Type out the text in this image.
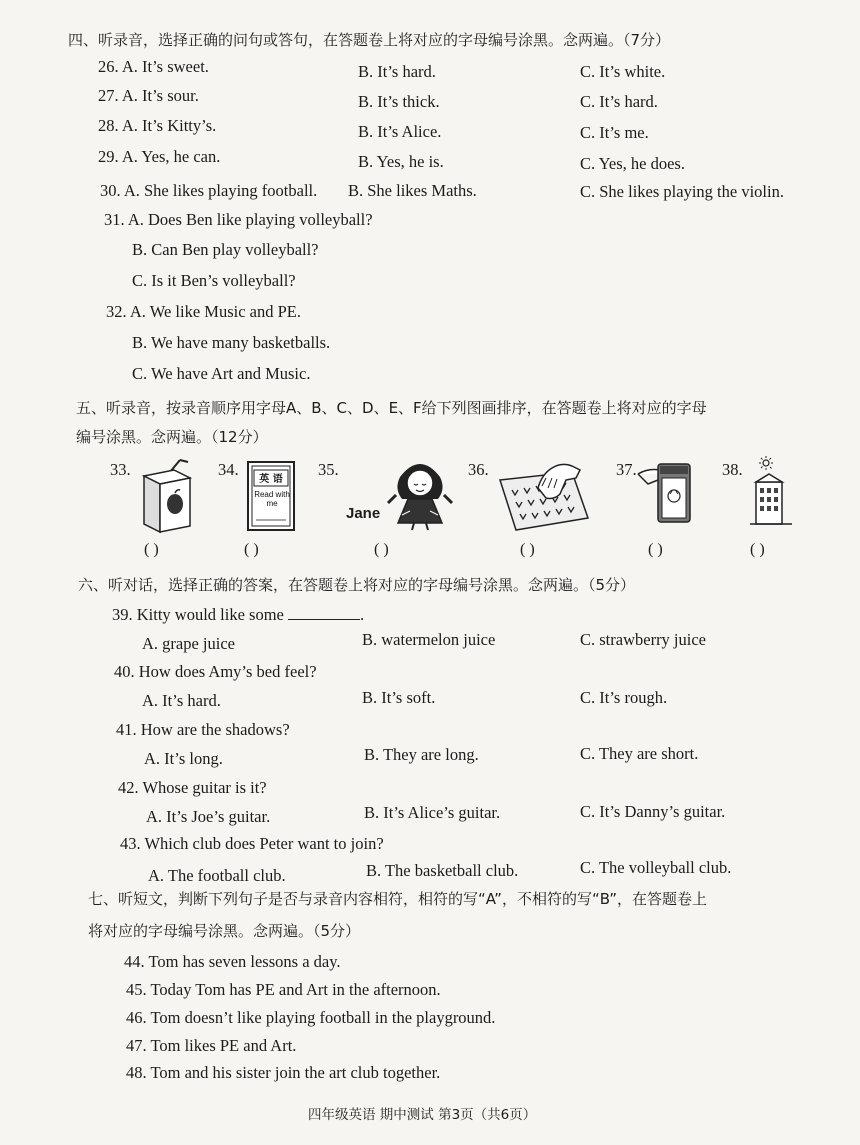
四、听录音，选择正确的问句或答句，在答题卷上将对应的字母编号涂黑。念两遍。（7分）
26. A. It’s sweet.	B. It’s hard.	C. It’s white.
27. A. It’s sour.	B. It’s thick.	C. It’s hard.
28. A. It’s Kitty’s.	B. It’s Alice.	C. It’s me.
29. A. Yes, he can.	B. Yes, he is.	C. Yes, he does.
30. A. She likes playing football. B. She likes Maths.	C. She likes playing the violin.
31. A. Does Ben like playing volleyball?
B. Can Ben play volleyball?
C. Is it Ben’s volleyball?
32. A. We like Music and PE.
B. We have many basketballs.
C. We have Art and Music.
五、听录音，按录音顺序用字母A、B、C、D、E、F给下列图画排序，在答题卷上将对应的字母
编号涂黑。念两遍。（12分）
33.	34.	35.	36.	37.	38.
英 语
Read with me
Jane
( )	( )	( )	( )	( )	( )
六、听对话，选择正确的答案，在答题卷上将对应的字母编号涂黑。念两遍。（5分）
39. Kitty would like some	.
A. grape juice	B. watermelon juice	C. strawberry juice
40. How does Amy’s bed feel?
A. It’s hard.	B. It’s soft.	C. It’s rough.
41. How are the shadows?
A. It’s long.	B. They are long.	C. They are short.
42. Whose guitar is it?
A. It’s Joe’s guitar.	B. It’s Alice’s guitar.	C. It’s Danny’s guitar.
43. Which club does Peter want to join?
A. The football club.	B. The basketball club.	C. The volleyball club.
七、听短文，判断下列句子是否与录音内容相符，相符的写“A”，不相符的写“B”，在答题卷上
将对应的字母编号涂黑。念两遍。（5分）
44. Tom has seven lessons a day.
45. Today Tom has PE and Art in the afternoon.
46. Tom doesn’t like playing football in the playground.
47. Tom likes PE and Art.
48. Tom and his sister join the art club together.
四年级英语 期中测试 第3页（共6页）
